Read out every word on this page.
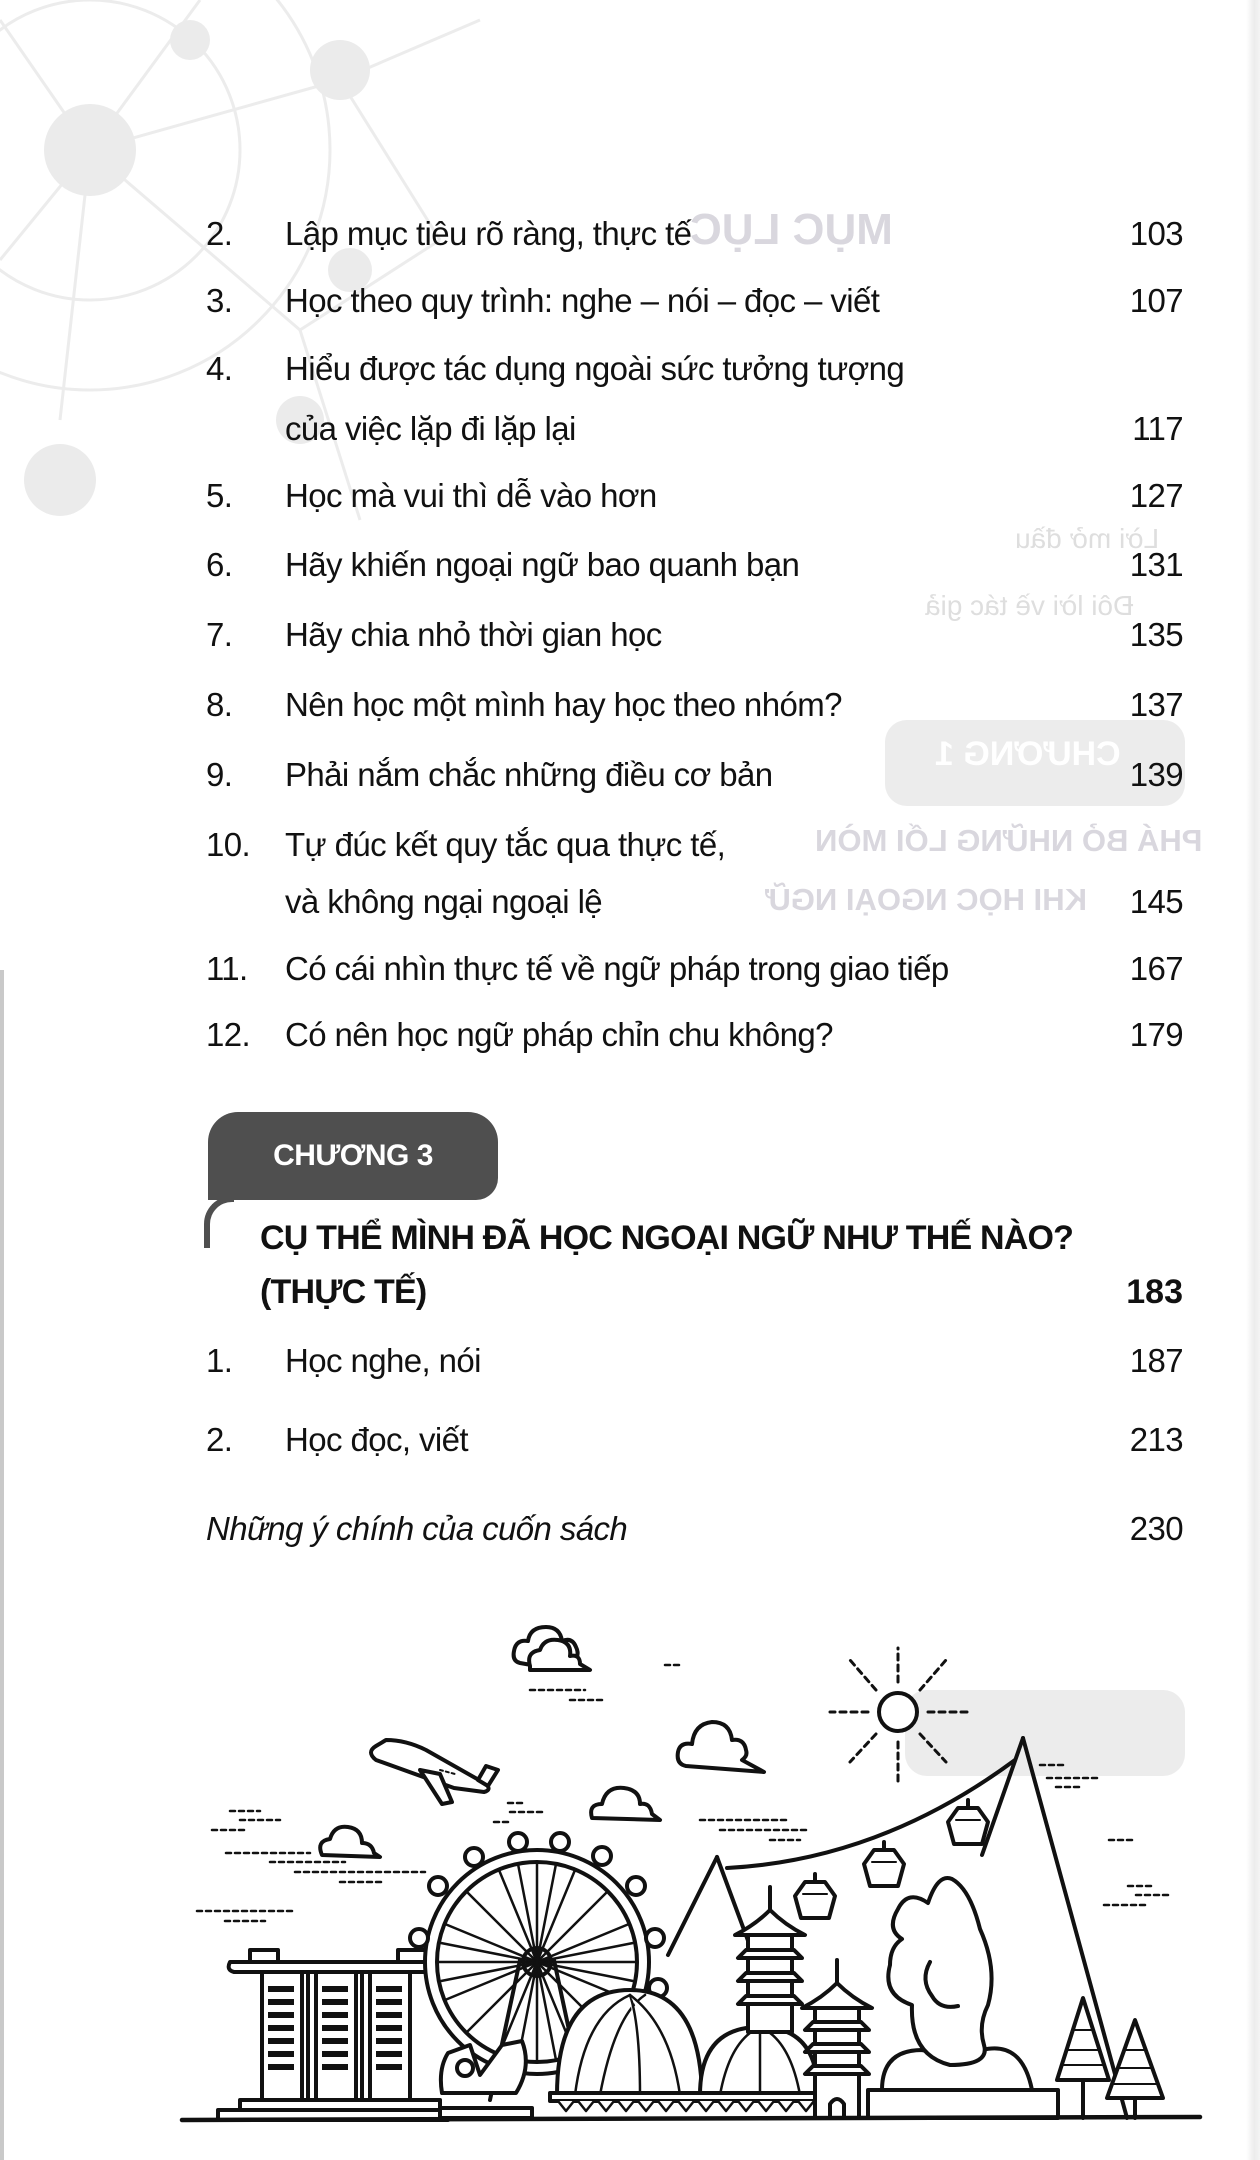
MỤC LỤC
Lời mở đầu
Đôi lời về tác giả
CHƯƠNG 1
PHÁ BỎ NHỮNG LỐI MÒN
KHI HỌC NGOẠI NGỮ
2. Lập mục tiêu rõ ràng, thực tế	103
3. Học theo quy trình: nghe – nói – đọc – viết	107
4. Hiểu được tác dụng ngoài sức tưởng tượng
của việc lặp đi lặp lại	117
5. Học mà vui thì dễ vào hơn	127
6. Hãy khiến ngoại ngữ bao quanh bạn	131
7. Hãy chia nhỏ thời gian học	135
8. Nên học một mình hay học theo nhóm?	137
9. Phải nắm chắc những điều cơ bản	139
10. Tự đúc kết quy tắc qua thực tế,
và không ngại ngoại lệ	145
11. Có cái nhìn thực tế về ngữ pháp trong giao tiếp	167
12. Có nên học ngữ pháp chỉn chu không?	179
CHƯƠNG 3
CỤ THỂ MÌNH ĐÃ HỌC NGOẠI NGỮ NHƯ THẾ NÀO?
(THỰC TẾ)	183
1. Học nghe, nói	187
2. Học đọc, viết	213
Những ý chính của cuốn sách	230
